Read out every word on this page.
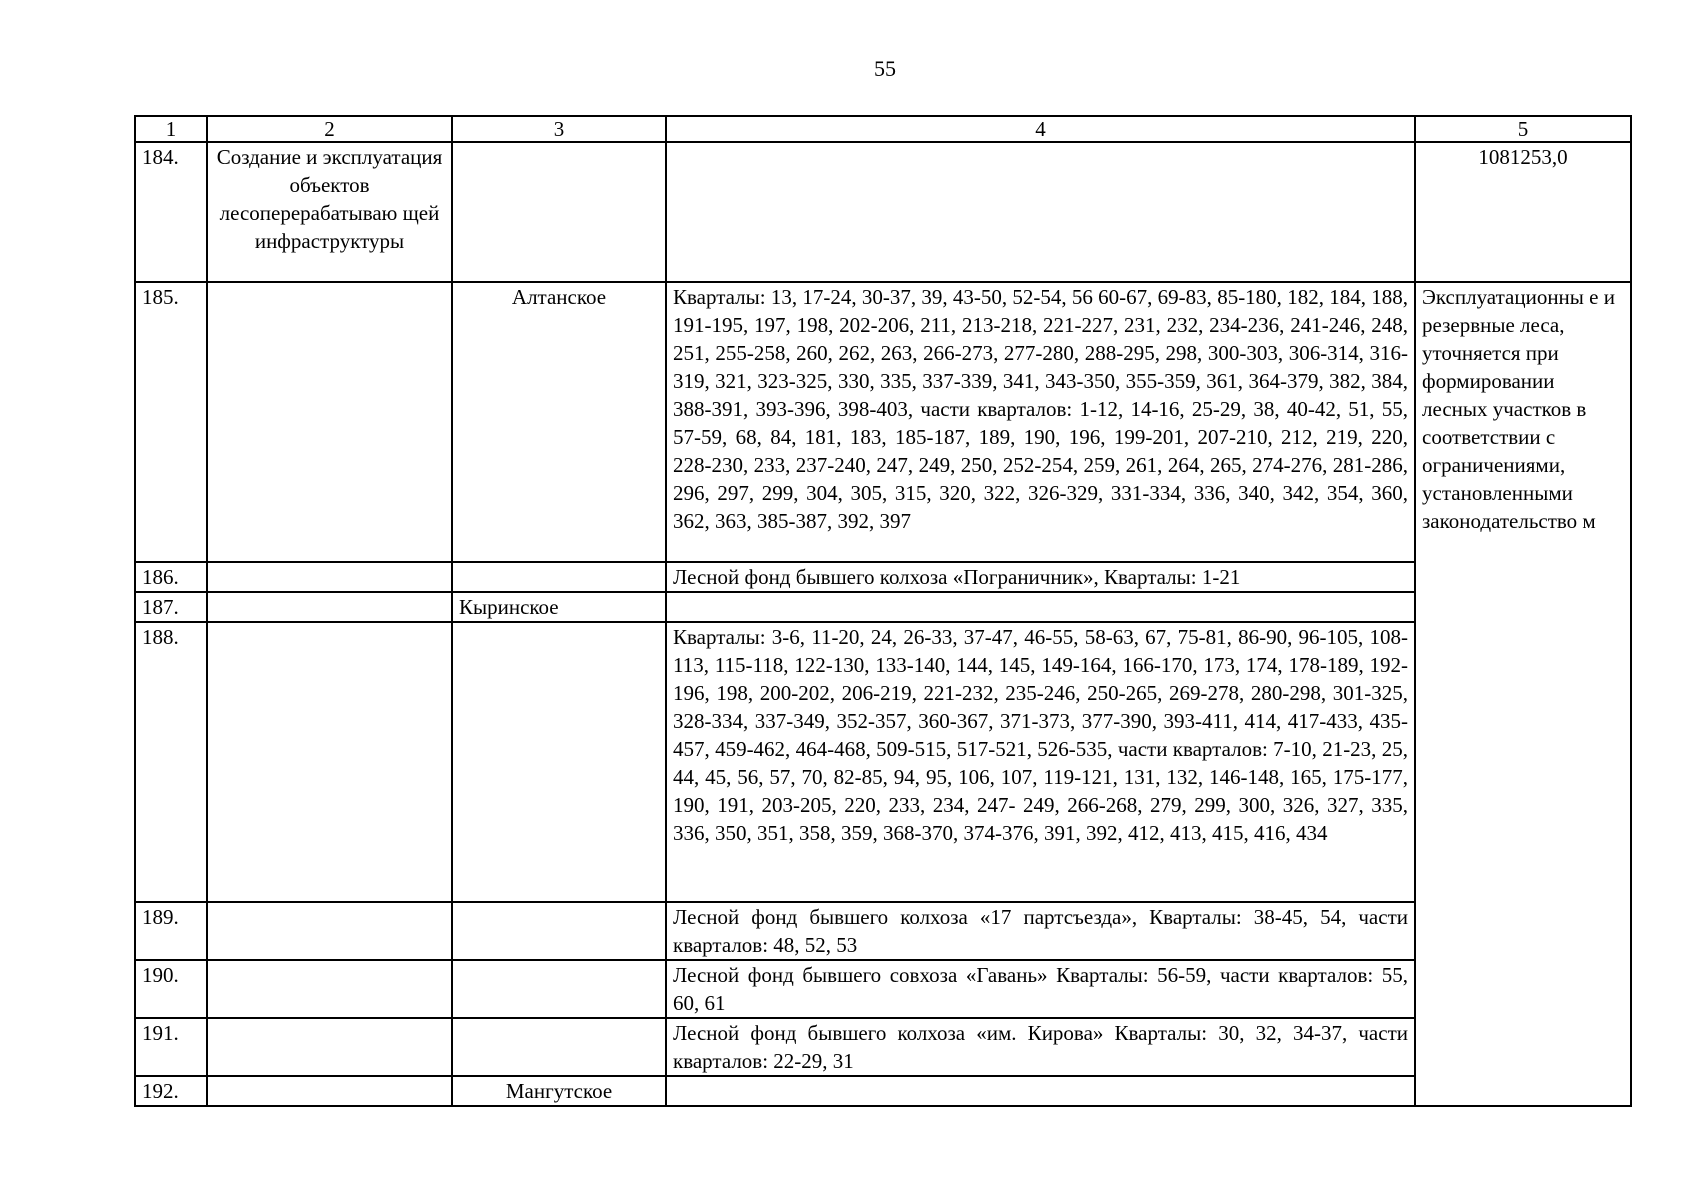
55
1	2	3	4	5
184.	Создание и эксплуатация объектов лесоперерабатываю щей инфраструктуры			1081253,0
185.		Алтанское	Кварталы: 13, 17-24, 30-37, 39, 43-50, 52-54, 56 60-67, 69-83, 85-180, 182, 184, 188, 191-195, 197, 198, 202-206, 211, 213-218, 221-227, 231, 232, 234-236, 241-246, 248, 251, 255-258, 260, 262, 263, 266-273, 277-280, 288-295, 298, 300-303, 306-314, 316-319, 321, 323-325, 330, 335, 337-339, 341, 343-350, 355-359, 361, 364-379, 382, 384, 388-391, 393-396, 398-403, части кварталов: 1-12, 14-16, 25-29, 38, 40-42, 51, 55, 57-59, 68, 84, 181, 183, 185-187, 189, 190, 196, 199-201, 207-210, 212, 219, 220, 228-230, 233, 237-240, 247, 249, 250, 252-254, 259, 261, 264, 265, 274-276, 281-286, 296, 297, 299, 304, 305, 315, 320, 322, 326-329, 331-334, 336, 340, 342, 354, 360, 362, 363, 385-387, 392, 397	Эксплуатационны е и резервные леса, уточняется при формировании лесных участков в соответствии с ограничениями, установленными законодательство м
186.			Лесной фонд бывшего колхоза «Пограничник», Кварталы: 1-21	
187.		Кыринское		
188.			Кварталы: 3-6, 11-20, 24, 26-33, 37-47, 46-55, 58-63, 67, 75-81, 86-90, 96-105, 108-113, 115-118, 122-130, 133-140, 144, 145, 149-164, 166-170, 173, 174, 178-189, 192-196, 198, 200-202, 206-219, 221-232, 235-246, 250-265, 269-278, 280-298, 301-325, 328-334, 337-349, 352-357, 360-367, 371-373, 377-390, 393-411, 414, 417-433, 435-457, 459-462, 464-468, 509-515, 517-521, 526-535, части кварталов: 7-10, 21-23, 25, 44, 45, 56, 57, 70, 82-85, 94, 95, 106, 107, 119-121, 131, 132, 146-148, 165, 175-177, 190, 191, 203-205, 220, 233, 234, 247- 249, 266-268, 279, 299, 300, 326, 327, 335, 336, 350, 351, 358, 359, 368-370, 374-376, 391, 392, 412, 413, 415, 416, 434	
189.			Лесной фонд бывшего колхоза «17 партсъезда», Кварталы: 38-45, 54, части кварталов: 48, 52, 53	
190.			Лесной фонд бывшего совхоза «Гавань» Кварталы: 56-59, части кварталов: 55, 60, 61	
191.			Лесной фонд бывшего колхоза «им. Кирова» Кварталы: 30, 32, 34-37, части кварталов: 22-29, 31	
192.		Мангутское		
